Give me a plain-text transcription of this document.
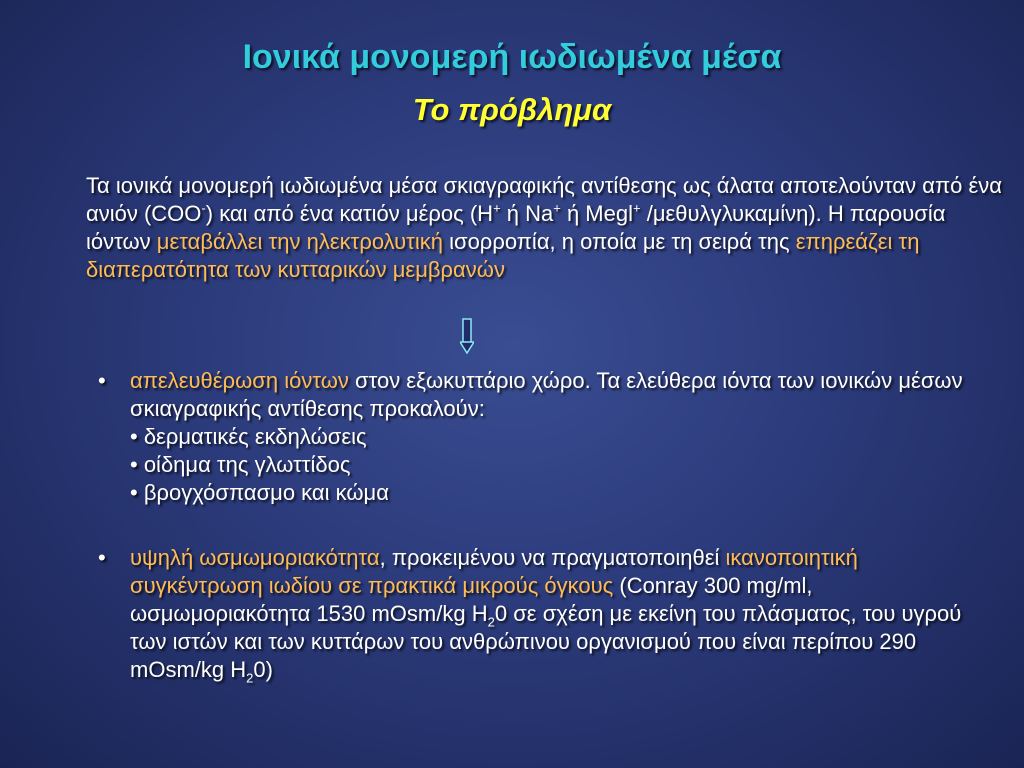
Ιονικά μονομερή ιωδιωμένα μέσα
Το πρόβλημα
Τα ιονικά μονομερή ιωδιωμένα μέσα σκιαγραφικής αντίθεσης ως άλατα αποτελούνταν από ένα ανιόν (COO-) και από ένα κατιόν μέρος (H+ ή Na+ ή Megl+ /μεθυλγλυκαμίνη). Η παρουσία ιόντων μεταβάλλει την ηλεκτρολυτική ισορροπία, η οποία με τη σειρά της επηρεάζει τη διαπερατότητα των κυτταρικών μεμβρανών
• απελευθέρωση ιόντων στον εξωκυττάριο χώρο. Τα ελεύθερα ιόντα των ιονικών μέσων σκιαγραφικής αντίθεσης προκαλούν:
• δερματικές εκδηλώσεις
• οίδημα της γλωττίδος
• βρογχόσπασμο και κώμα
• υψηλή ωσμωμοριακότητα, προκειμένου να πραγματοποιηθεί ικανοποιητική συγκέντρωση ιωδίου σε πρακτικά μικρούς όγκους (Conray 300 mg/ml, ωσμωμοριακότητα 1530 mOsm/kg $H_20$ σε σχέση με εκείνη του πλάσματος, του υγρού των ιστών και των κυττάρων του ανθρώπινου οργανισμού που είναι περίπου 290 mOsm/kg $H_20$)
